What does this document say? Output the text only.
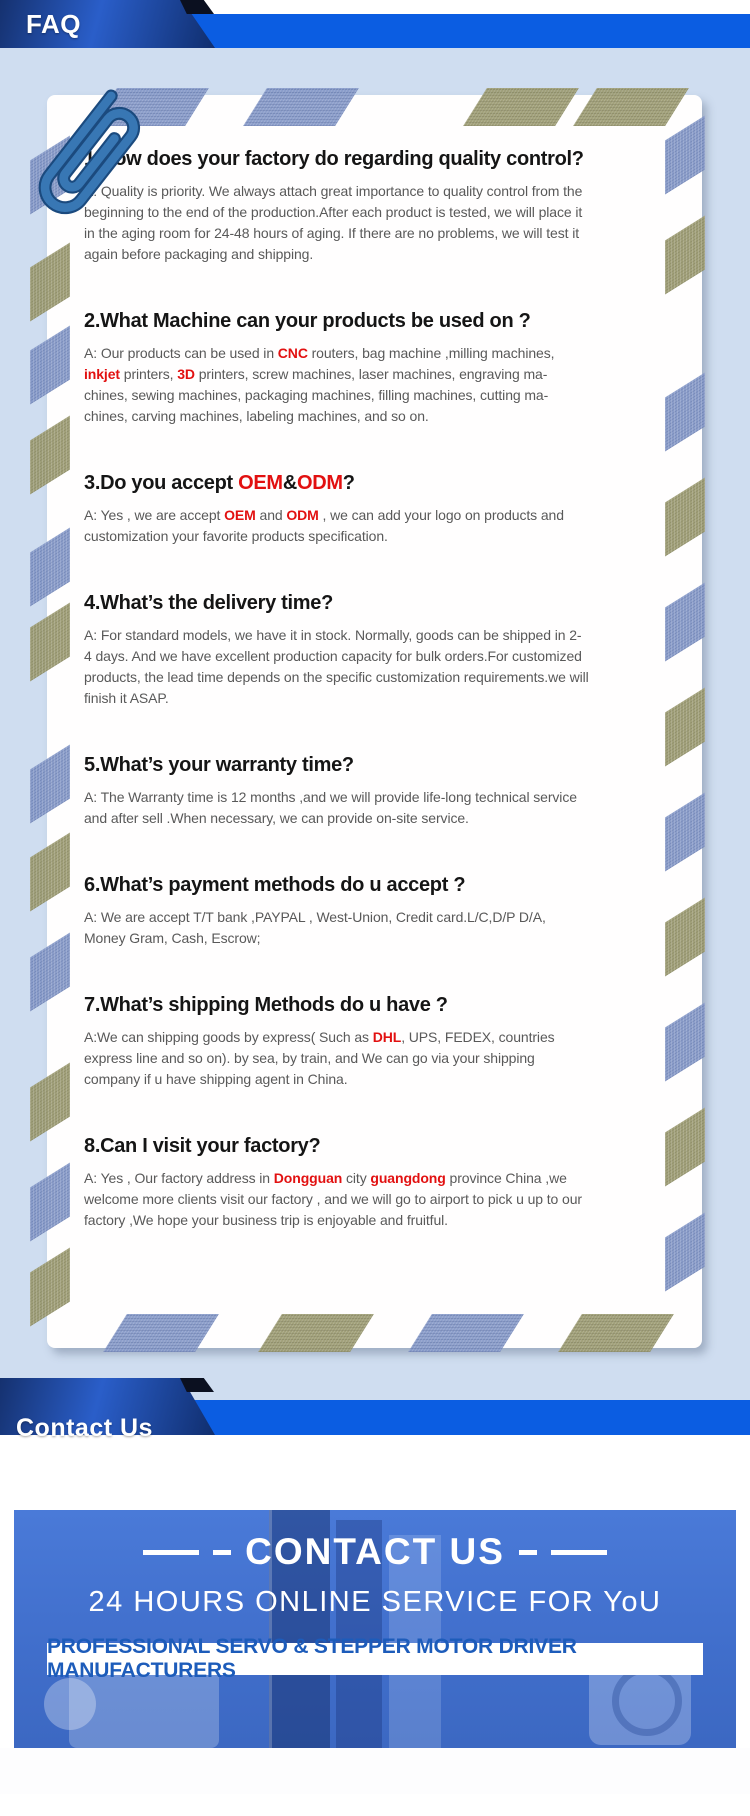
FAQ
1.How does your factory do regarding quality control?

A: Quality is priority. We always attach great importance to quality control from the beginning to the end of the production.After each product is tested, we will place it in the aging room for 24-48 hours of aging. If there are no problems, we will test it again before packaging and shipping.

2.What Machine can your products be used on ?

A: Our products can be used in CNC routers, bag machine ,milling machines, inkjet printers, 3D printers, screw machines, laser machines, engraving ma-chines, sewing machines, packaging machines, filling machines, cutting ma-chines, carving machines, labeling machines, and so on.

3.Do you accept OEM&ODM?

A: Yes , we are accept OEM and ODM , we can add your logo on products and customization your favorite products specification.

4.What’s the delivery time?

A: For standard models, we have it in stock. Normally, goods can be shipped in 2-4 days. And we have excellent production capacity for bulk orders.For customized products, the lead time depends on the specific customization requirements.we will finish it ASAP.

5.What’s your warranty time?

A: The Warranty time is 12 months ,and we will provide life-long technical service and after sell .When necessary, we can provide on-site service.

6.What’s payment methods do u accept ?

A: We are accept T/T bank ,PAYPAL , West-Union, Credit card.L/C,D/P D/A, Money Gram, Cash, Escrow;

7.What’s shipping Methods do u have ?

A:We can shipping goods by express( Such as DHL, UPS, FEDEX, countries express line and so on). by sea, by train, and We can go via your shipping company if u have shipping agent in China.

8.Can I visit your factory?

A: Yes , Our factory address in Dongguan city guangdong province China ,we welcome more clients visit our factory , and we will go to airport to pick u up to our factory ,We hope your business trip is enjoyable and fruitful.

Contact Us
CONTACT US
24 HOURS ONLINE SERVICE FOR YoU
PROFESSIONAL SERVO & STEPPER MOTOR DRIVER MANUFACTURERS
